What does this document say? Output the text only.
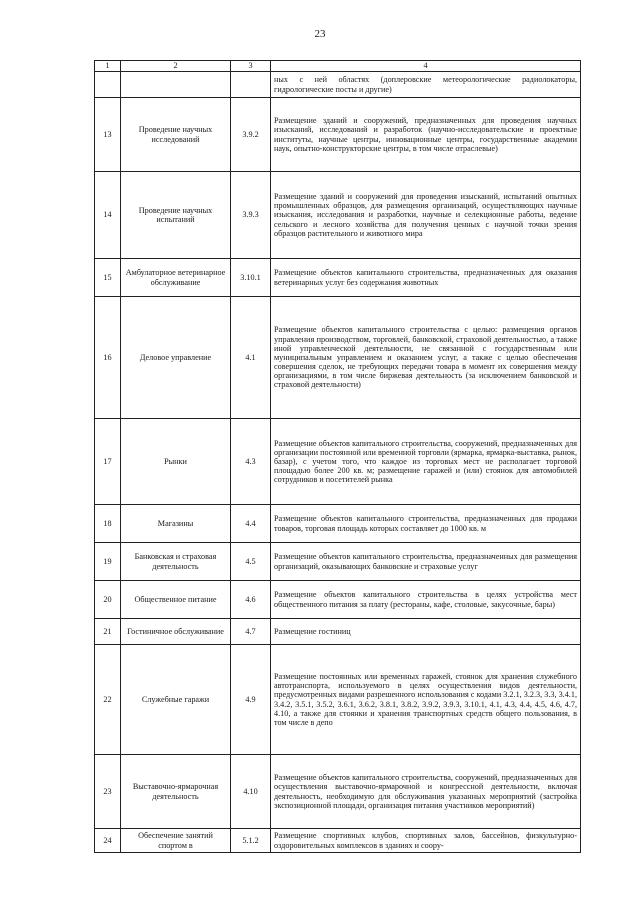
23
1	2	3	4
			ных с ней областях (доплеровские метеорологические радиолокаторы, гидрологические посты и другие)
13	Проведение научных исследований	3.9.2	Размещение зданий и сооружений, предназначенных для проведения научных изысканий, исследований и разработок (научно-исследовательские и проектные институты, научные центры, инновационные центры, государственные академии наук, опытно-конструкторские центры, в том числе отраслевые)
14	Проведение научных испытаний	3.9.3	Размещение зданий и сооружений для проведения изысканий, испытаний опытных промышленных образцов, для размещения организаций, осуществляющих научные изыскания, исследования и разработки, научные и селекционные работы, ведение сельского и лесного хозяйства для получения ценных с научной точки зрения образцов растительного и животного мира
15	Амбулаторное ветеринарное обслуживание	3.10.1	Размещение объектов капитального строительства, предназначенных для оказания ветеринарных услуг без содержания животных
16	Деловое управление	4.1	Размещение объектов капитального строительства с целью: размещения органов управления производством, торговлей, банковской, страховой деятельностью, а также иной управленческой деятельности, не связанной с государственным или муниципальным управлением и оказанием услуг, а также с целью обеспечения совершения сделок, не требующих передачи товара в момент их совершения между организациями, в том числе биржевая деятельность (за исключением банковской и страховой деятельности)
17	Рынки	4.3	Размещение объектов капитального строительства, сооружений, предназначенных для организации постоянной или временной торговли (ярмарка, ярмарка-выставка, рынок, базар), с учетом того, что каждое из торговых мест не располагает торговой площадью более 200 кв. м; размещение гаражей и (или) стоянок для автомобилей сотрудников и посетителей рынка
18	Магазины	4.4	Размещение объектов капитального строительства, предназначенных для продажи товаров, торговая площадь которых составляет до 1000 кв. м
19	Банковская и страховая деятельность	4.5	Размещение объектов капитального строительства, предназначенных для размещения организаций, оказывающих банковские и страховые услуг
20	Общественное питание	4.6	Размещение объектов капитального строительства в целях устройства мест общественного питания за плату (рестораны, кафе, столовые, закусочные, бары)
21	Гостиничное обслуживание	4.7	Размещение гостиниц
22	Служебные гаражи	4.9	Размещение постоянных или временных гаражей, стоянок для хранения служебного автотранспорта, используемого в целях осуществления видов деятельности, предусмотренных видами разрешенного использования с кодами 3.2.1, 3.2.3, 3.3, 3.4.1, 3.4.2, 3.5.1, 3.5.2, 3.6.1, 3.6.2, 3.8.1, 3.8.2, 3.9.2, 3.9.3, 3.10.1, 4.1, 4.3, 4.4, 4.5, 4.6, 4.7, 4.10, а также для стоянки и хранения транспортных средств общего пользования, в том числе в депо
23	Выставочно-ярмарочная деятельность	4.10	Размещение объектов капитального строительства, сооружений, предназначенных для осуществления выставочно-ярмарочной и конгрессной деятельности, включая деятельность, необходимую для обслуживания указанных мероприятий (застройка экспозиционной площади, организация питания участников мероприятий)
24	Обеспечение занятий спортом в	5.1.2	Размещение спортивных клубов, спортивных залов, бассейнов, физкультурно-оздоровительных комплексов в зданиях и соору-
